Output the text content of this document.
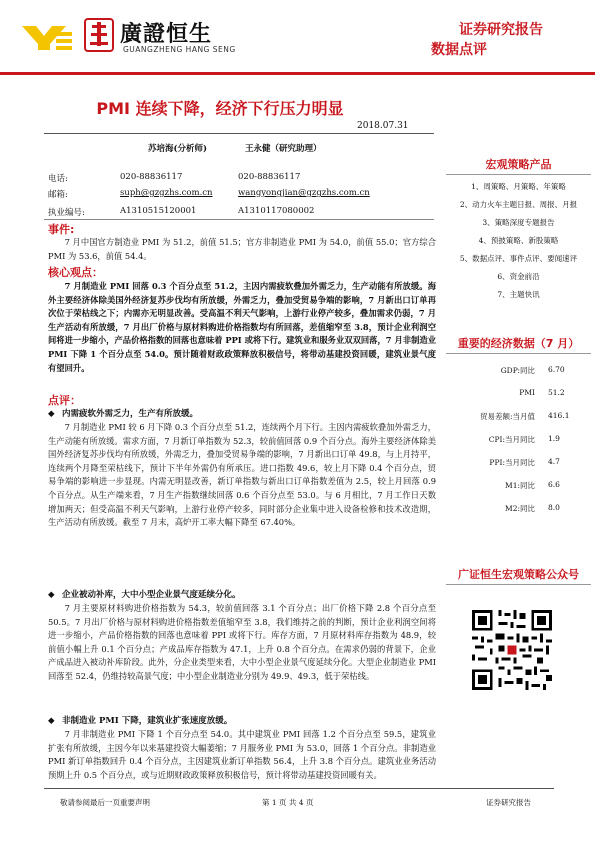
廣證恒生
GUANGZHENG HANG SENG
证券研究报告
数据点评
PMI 连续下降，经济下行压力明显
2018.07.31
苏培海(分析师)	王永健（研究助理）
电话:	020-88836117	020-88836117
邮箱:	suph@gzgzhs.com.cn	wangyongjian@gzgzhs.com.cn
执业编号:	A1310515120001	A1310117080002
事件:
7 月中国官方制造业 PMI 为 51.2，前值 51.5；官方非制造业 PMI 为 54.0，前值 55.0；官方综合 PMI 为 53.6，前值 54.4。
核心观点：
7 月制造业 PMI 回落 0.3 个百分点至 51.2，主因内需疲软叠加外需乏力，生产动能有所放缓。海外主要经济体除美国外经济复苏步伐均有所放缓，外需乏力，叠加受贸易争端的影响，7 月新出口订单再次位于荣枯线之下；内需亦无明显改善。受高温不利天气影响，上游行业停产较多，叠加需求仍弱，7 月生产活动有所放缓，7 月出厂价格与原材料购进价格指数均有所回落，差值缩窄至 3.8，预计企业利润空间将进一步缩小，产品价格指数的回落也意味着 PPI 或将下行。建筑业和服务业双双回落，7 月非制造业 PMI 下降 1 个百分点至 54.0。预计随着财政政策释放积极信号，将带动基建投资回暖，建筑业景气度有望回升。
点评：
◆ 内需疲软外需乏力，生产有所放缓。
7 月制造业 PMI 较 6 月下降 0.3 个百分点至 51.2，连续两个月下行。主因内需疲软叠加外需乏力，生产动能有所放缓。需求方面，7 月新订单指数为 52.3，较前值回落 0.9 个百分点。海外主要经济体除美国外经济复苏步伐均有所放缓，外需乏力，叠加受贸易争端的影响，7 月新出口订单 49.8，与上月持平，连续两个月降至荣枯线下，预计下半年外需仍有所承压。进口指数 49.6，较上月下降 0.4 个百分点，贸易争端的影响进一步显现。内需无明显改善，新订单指数与新出口订单指数差值为 2.5，较上月回落 0.9 个百分点。从生产端来看，7 月生产指数继续回落 0.6 个百分点至 53.0。与 6 月相比，7 月工作日天数增加两天；但受高温不利天气影响，上游行业停产较多，同时部分企业集中进入设备检修和技术改造期，生产活动有所放缓。截至 7 月末，高炉开工率大幅下降至 67.40%。
◆ 企业被动补库，大中小型企业景气度延续分化。
7 月主要原材料购进价格指数为 54.3，较前值回落 3.1 个百分点；出厂价格下降 2.8 个百分点至 50.5。7 月出厂价格与原材料购进价格指数差值缩窄至 3.8，我们维持之前的判断，预计企业利润空间将进一步缩小，产品价格指数的回落也意味着 PPI 或将下行。库存方面，7 月原材料库存指数为 48.9，较前值小幅上升 0.1 个百分点；产成品库存指数为 47.1，上升 0.8 个百分点。在需求仍弱的背景下，企业产成品进入被动补库阶段。此外，分企业类型来看，大中小型企业景气度延续分化。大型企业制造业 PMI 回落至 52.4，仍维持较高景气度；中小型企业制造业分别为 49.9、49.3，低于荣枯线。
◆ 非制造业 PMI 下降，建筑业扩张速度放缓。
7 月非制造业 PMI 下降 1 个百分点至 54.0。其中建筑业 PMI 回落 1.2 个百分点至 59.5，建筑业扩张有所放缓，主因今年以来基建投资大幅萎缩；7 月服务业 PMI 为 53.0，回落 1 个百分点。非制造业 PMI 新订单指数回升 0.4 个百分点，主因建筑业新订单指数 56.4，上升 3.8 个百分点。建筑业业务活动预期上升 0.5 个百分点，或与近期财政政策释放积极信号，预计将带动基建投资回暖有关。
宏观策略产品
1、周策略、月策略、年策略
2、动力火车主题日报、周报、月报
3、策略深度专题报告
4、预披策略、新股策略
5、数据点评、事件点评、要闻速评
6、资金前沿
7、主题快讯
重要的经济数据（7 月）
GDP:同比 6.70
PMI 51.2
贸易差额:当月值 416.1
CPI:当月同比 1.9
PPI:当月同比 4.7
M1:同比 6.6
M2:同比 8.0
广证恒生宏观策略公众号
敬请参阅最后一页重要声明	第 1 页 共 4 页	证券研究报告
